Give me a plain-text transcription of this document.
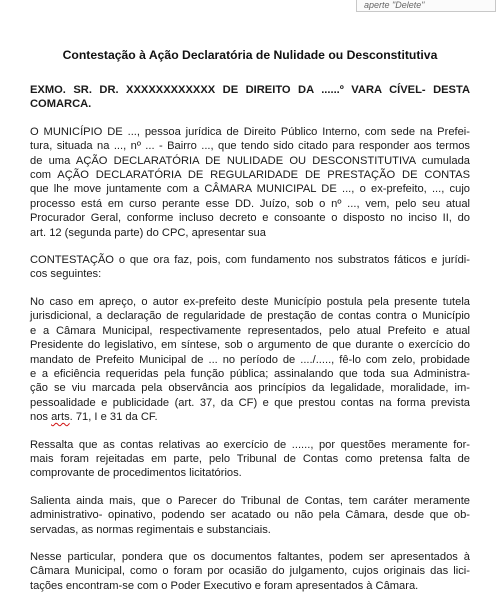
aperte "Delete"
Contestação à Ação Declaratória de Nulidade ou Desconstitutiva
EXMO. SR. DR. XXXXXXXXXXXX DE DIREITO DA ......º VARA CÍVEL- DESTA
COMARCA.
O MUNICÍPIO DE ..., pessoa jurídica de Direito Público Interno, com sede na Prefei-
tura, situada na ..., nº ... - Bairro ..., que tendo sido citado para responder aos termos
de uma AÇÃO DECLARATÓRIA DE NULIDADE OU DESCONSTITUTIVA cumulada
com AÇÃO DECLARATÓRIA DE REGULARIDADE DE PRESTAÇÃO DE CONTAS
que lhe move juntamente com a CÂMARA MUNICIPAL DE ..., o ex-prefeito, ..., cujo
processo está em curso perante esse DD. Juízo, sob o nº ..., vem, pelo seu atual
Procurador Geral, conforme incluso decreto e consoante o disposto no inciso II, do
art. 12 (segunda parte) do CPC, apresentar sua
CONTESTAÇÃO o que ora faz, pois, com fundamento nos substratos fáticos e jurídi-
cos seguintes:
No caso em apreço, o autor ex-prefeito deste Município postula pela presente tutela
jurisdicional, a declaração de regularidade de prestação de contas contra o Município
e a Câmara Municipal, respectivamente representados, pelo atual Prefeito e atual
Presidente do legislativo, em síntese, sob o argumento de que durante o exercício do
mandato de Prefeito Municipal de ... no período de ..../....., fê-lo com zelo, probidade
e a eficiência requeridas pela função pública; assinalando que toda sua Administra-
ção se viu marcada pela observância aos princípios da legalidade, moralidade, im-
pessoalidade e publicidade (art. 37, da CF) e que prestou contas na forma prevista
nos arts. 71, I e 31 da CF.
Ressalta que as contas relativas ao exercício de ......, por questões meramente for-
mais foram rejeitadas em parte, pelo Tribunal de Contas como pretensa falta de
comprovante de procedimentos licitatórios.
Salienta ainda mais, que o Parecer do Tribunal de Contas, tem caráter meramente
administrativo- opinativo, podendo ser acatado ou não pela Câmara, desde que ob-
servadas, as normas regimentais e substanciais.
Nesse particular, pondera que os documentos faltantes, podem ser apresentados à
Câmara Municipal, como o foram por ocasião do julgamento, cujos originais das lici-
tações encontram-se com o Poder Executivo e foram apresentados à Câmara.
